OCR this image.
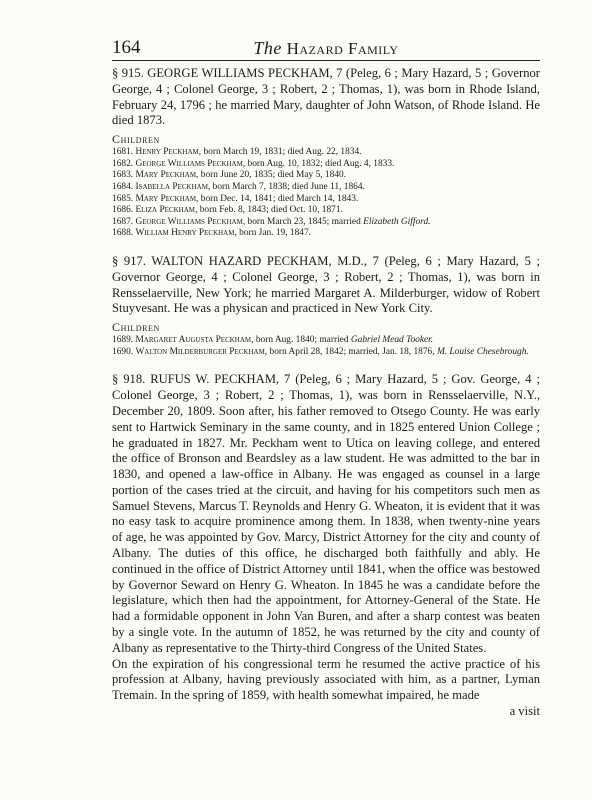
164	The Hazard Family

§ 915. GEORGE WILLIAMS PECKHAM, 7 (Peleg, 6 ; Mary Hazard, 5 ; Governor George, 4 ; Colonel George, 3 ; Robert, 2 ; Thomas, 1), was born in Rhode Island, February 24, 1796 ; he married Mary, daughter of John Watson, of Rhode Island. He died 1873.

Children

1681. Henry Peckham, born March 19, 1831; died Aug. 22, 1834.

1682. George Williams Peckham, born Aug. 10, 1832; died Aug. 4, 1833.

1683. Mary Peckham, born June 20, 1835; died May 5, 1840.

1684. Isabella Peckham, born March 7, 1838; died June 11, 1864.

1685. Mary Peckham, born Dec. 14, 1841; died March 14, 1843.

1686. Eliza Peckham, born Feb. 8, 1843; died Oct. 10, 1871.

1687. George Williams Peckham, born March 23, 1845; married Elizabeth Gifford.

1688. William Henry Peckham, born Jan. 19, 1847.

§ 917. WALTON HAZARD PECKHAM, M.D., 7 (Peleg, 6 ; Mary Hazard, 5 ; Governor George, 4 ; Colonel George, 3 ; Robert, 2 ; Thomas, 1), was born in Rensselaerville, New York; he married Margaret A. Milderburger, widow of Robert Stuyvesant. He was a physican and practiced in New York City.

Children

1689. Margaret Augusta Peckham, born Aug. 1840; married Gabriel Mead Tooker.

1690. Walton Milderburger Peckham, born April 28, 1842; married, Jan. 18, 1876, M. Louise Chesebrough.

§ 918. RUFUS W. PECKHAM, 7 (Peleg, 6 ; Mary Hazard, 5 ; Gov. George, 4 ; Colonel George, 3 ; Robert, 2 ; Thomas, 1), was born in Rensselaerville, N.Y., December 20, 1809. Soon after, his father removed to Otsego County. He was early sent to Hartwick Seminary in the same county, and in 1825 entered Union College ; he graduated in 1827. Mr. Peckham went to Utica on leaving college, and entered the office of Bronson and Beardsley as a law student. He was admitted to the bar in 1830, and opened a law-office in Albany. He was engaged as counsel in a large portion of the cases tried at the circuit, and having for his competitors such men as Samuel Stevens, Marcus T. Reynolds and Henry G. Wheaton, it is evident that it was no easy task to acquire prominence among them. In 1838, when twenty-nine years of age, he was appointed by Gov. Marcy, District Attorney for the city and county of Albany. The duties of this office, he discharged both faithfully and ably. He continued in the office of District Attorney until 1841, when the office was bestowed by Governor Seward on Henry G. Wheaton. In 1845 he was a candidate before the legislature, which then had the appointment, for Attorney-General of the State. He had a formidable opponent in John Van Buren, and after a sharp contest was beaten by a single vote. In the autumn of 1852, he was returned by the city and county of Albany as representative to the Thirty-third Congress of the United States.

On the expiration of his congressional term he resumed the active practice of his profession at Albany, having previously associated with him, as a partner, Lyman Tremain. In the spring of 1859, with health somewhat impaired, he made

a visit
